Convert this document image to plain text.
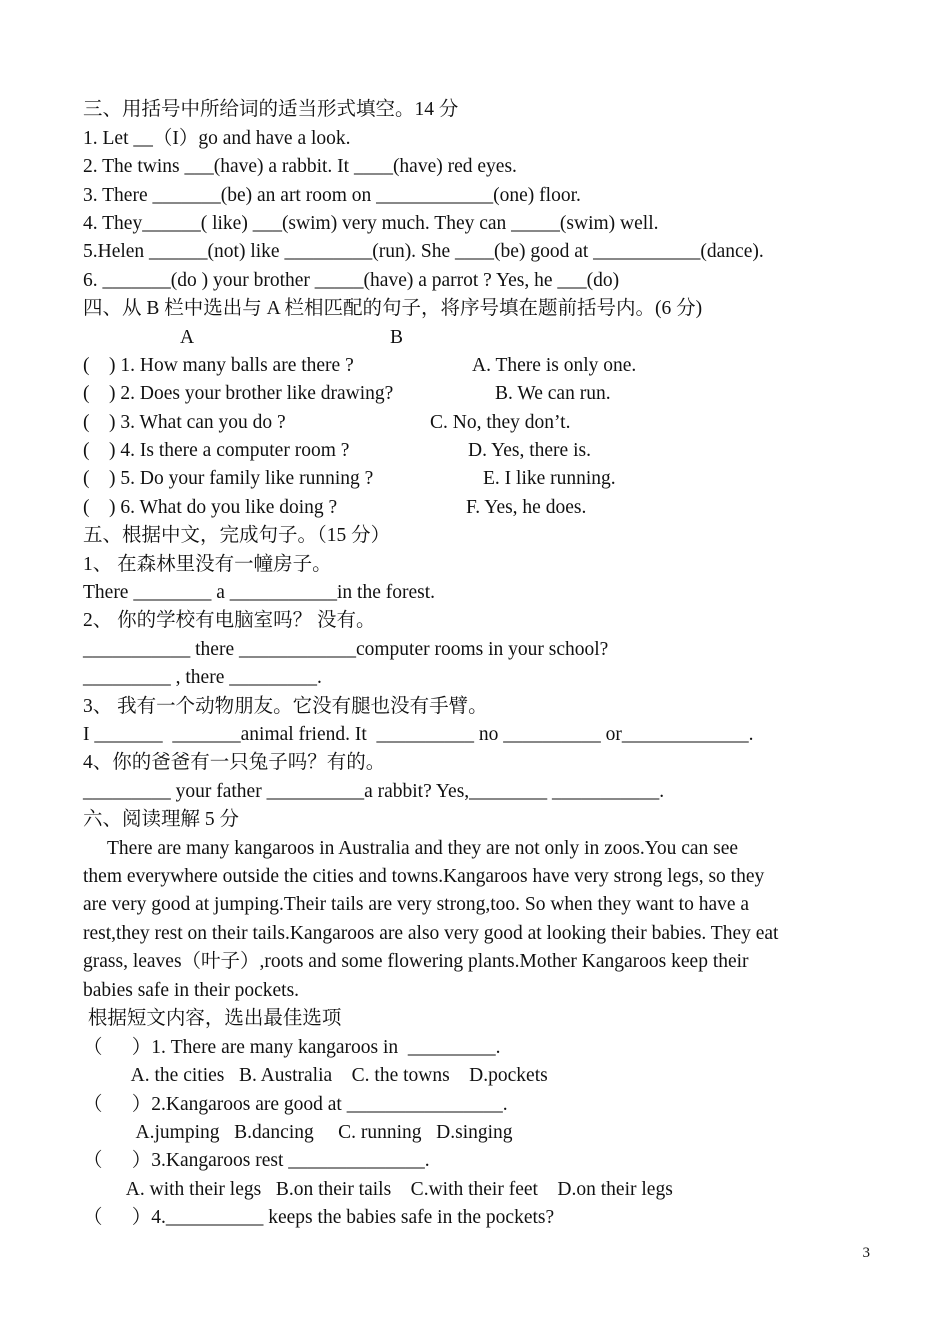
三、用括号中所给词的适当形式填空。14 分
1. Let __（I）go and have a look.
2. The twins ___(have) a rabbit. It ____(have) red eyes.
3. There _______(be) an art room on ____________(one) floor.
4. They______( like) ___(swim) very much. They can _____(swim) well.
5.Helen ______(not) like _________(run). She ____(be) good at ___________(dance).
6. _______(do ) your brother _____(have) a parrot ? Yes, he ___(do)
四、从 B 栏中选出与 A 栏相匹配的句子，将序号填在题前括号内。(6 分)
A	B
(    ) 1. How many balls are there ?	A. There is only one.
(    ) 2. Does your brother like drawing?	B. We can run.
(    ) 3. What can you do ?	C. No, they don’t.
(    ) 4. Is there a computer room ?	D. Yes, there is.
(    ) 5. Do your family like running ?	E. I like running.
(    ) 6. What do you like doing ?	F. Yes, he does.
五、根据中文，完成句子。（15 分）
1、 在森林里没有一幢房子。
There ________ a ___________in the forest.
2、 你的学校有电脑室吗？ 没有。
___________ there ____________computer rooms in your school?
_________ , there _________.
3、 我有一个动物朋友。它没有腿也没有手臂。
I _______  _______animal friend. It  __________ no __________ or_____________.
4、你的爸爸有一只兔子吗？有的。
_________ your father __________a rabbit? Yes,________ ___________.
六、阅读理解 5 分
There are many kangaroos in Australia and they are not only in zoos.You can see
them everywhere outside the cities and towns.Kangaroos have very strong legs, so they
are very good at jumping.Their tails are very strong,too. So when they want to have a
rest,they rest on their tails.Kangaroos are also very good at looking their babies. They eat
grass, leaves（叶子）,roots and some flowering plants.Mother Kangaroos keep their
babies safe in their pockets.
根据短文内容，选出最佳选项
（      ）1. There are many kangaroos in  _________.
A. the cities   B. Australia    C. the towns    D.pockets
（      ）2.Kangaroos are good at ________________.
A.jumping   B.dancing     C. running   D.singing
（      ）3.Kangaroos rest ______________.
A. with their legs   B.on their tails    C.with their feet    D.on their legs
（      ）4.__________ keeps the babies safe in the pockets?
3
